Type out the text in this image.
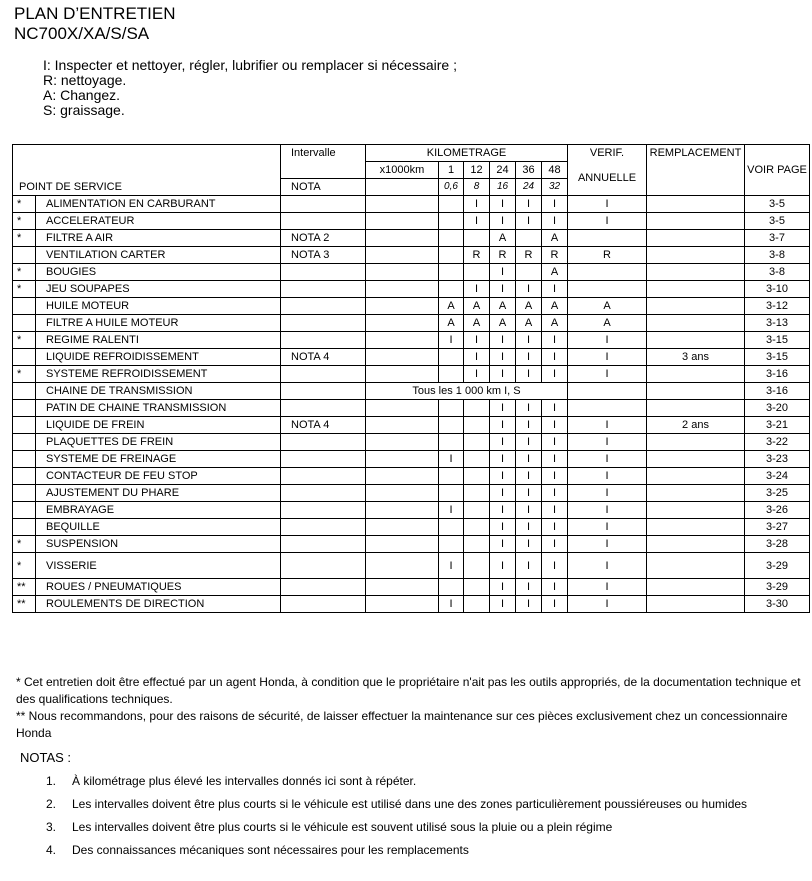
PLAN D’ENTRETIEN
NC700X/XA/S/SA
I: Inspecter et nettoyer, régler, lubrifier ou remplacer si nécessaire ;
R: nettoyage.
A: Changez.
S: graissage.
		Intervalle	KILOMETRAGE						VERIF.	REMPLACEMENT	
			x1000km	1	12	24	36	48	ANNUELLE		VOIR PAGE
POINT DE SERVICE		NOTA		0,6	8	16	24	32			
*	ALIMENTATION EN CARBURANT				I	I	I	I	I		3-5
*	ACCELERATEUR				I	I	I	I	I		3-5
*	FILTRE A AIR	NOTA 2				A		A			3-7
	VENTILATION CARTER	NOTA 3			R	R	R	R	R		3-8
*	BOUGIES					I		A			3-8
*	JEU SOUPAPES				I	I	I	I			3-10
	HUILE MOTEUR			A	A	A	A	A	A		3-12
	FILTRE A HUILE MOTEUR			A	A	A	A	A	A		3-13
*	REGIME RALENTI			I	I	I	I	I	I		3-15
	LIQUIDE REFROIDISSEMENT	NOTA 4			I	I	I	I	I	3 ans	3-15
*	SYSTEME REFROIDISSEMENT				I	I	I	I	I		3-16
	CHAINE DE TRANSMISSION		Tous les 1 000 km I, S								3-16
	PATIN DE CHAINE TRANSMISSION					I	I	I			3-20
	LIQUIDE DE FREIN	NOTA 4				I	I	I	I	2 ans	3-21
	PLAQUETTES DE FREIN					I	I	I	I		3-22
	SYSTEME DE FREINAGE			I		I	I	I	I		3-23
	CONTACTEUR DE FEU STOP					I	I	I	I		3-24
	AJUSTEMENT DU PHARE					I	I	I	I		3-25
	EMBRAYAGE			I		I	I	I	I		3-26
	BEQUILLE					I	I	I	I		3-27
*	SUSPENSION					I	I	I	I		3-28
*	VISSERIE			I		I	I	I	I		3-29
**	ROUES / PNEUMATIQUES					I	I	I	I		3-29
**	ROULEMENTS DE DIRECTION			I		I	I	I	I		3-30

* Cet entretien doit être effectué par un agent Honda, à condition que le propriétaire n'ait pas les outils appropriés, de la documentation technique et des qualifications techniques.

** Nous recommandons, pour des raisons de sécurité, de laisser effectuer la maintenance sur ces pièces exclusivement chez un concessionnaire Honda

NOTAS :
1. À kilométrage plus élevé les intervalles donnés ici sont à répéter.
2. Les intervalles doivent être plus courts si le véhicule est utilisé dans une des zones particulièrement poussiéreuses ou humides
3. Les intervalles doivent être plus courts si le véhicule est souvent utilisé sous la pluie ou a plein régime
4. Des connaissances mécaniques sont nécessaires pour les remplacements
